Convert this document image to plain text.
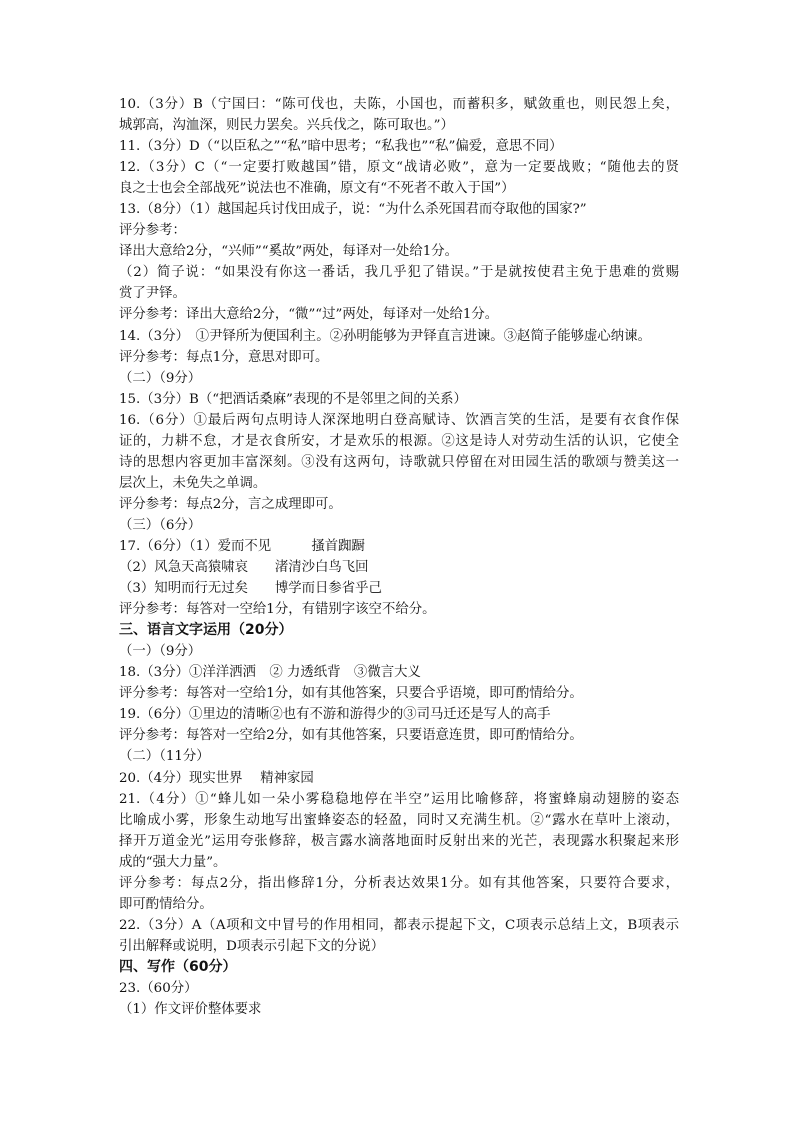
10.（3分）B（宁国曰：“陈可伐也，夫陈，小国也，而蓄积多，赋敛重也，则民怨上矣，
城郭高，沟洫深，则民力罢矣。兴兵伐之，陈可取也。”）
11.（3分）D（“以臣私之”“私”暗中思考；“私我也”“私”偏爱，意思不同）
12.（3分）C（“一定要打败越国”错，原文“战请必败”，意为一定要战败；“随他去的贤
良之士也会全部战死”说法也不准确，原文有“不死者不敢入于国”）
13.（8分）（1）越国起兵讨伐田成子，说：“为什么杀死国君而夺取他的国家?”
评分参考：
译出大意给2分，“兴师”“奚故”两处，每译对一处给1分。
（2）简子说：“如果没有你这一番话，我几乎犯了错误。”于是就按使君主免于患难的赏赐
赏了尹铎。
评分参考：译出大意给2分，“微”“过”两处，每译对一处给1分。
14.（3分）　①尹铎所为便国利主。②孙明能够为尹铎直言进谏。③赵简子能够虚心纳谏。
评分参考：每点1分，意思对即可。
（二）（9分）
15.（3分）B（“把酒话桑麻”表现的不是邻里之间的关系）
16.（6分）①最后两句点明诗人深深地明白登高赋诗、饮酒言笑的生活，是要有衣食作保
证的，力耕不怠，才是衣食所安，才是欢乐的根源。②这是诗人对劳动生活的认识，它使全
诗的思想内容更加丰富深刻。③没有这两句，诗歌就只停留在对田园生活的歌颂与赞美这一
层次上，未免失之单调。
评分参考：每点2分，言之成理即可。
（三）（6分）
17.（6分）（1）爱而不见　　　搔首踟蹰
（2）风急天高猿啸哀　　渚清沙白鸟飞回
（3）知明而行无过矣　　博学而日参省乎己
评分参考：每答对一空给1分，有错别字该空不给分。
三、语言文字运用（20分）
（一）（9分）
18.（3分）①洋洋洒洒　② 力透纸背　③微言大义
评分参考：每答对一空给1分，如有其他答案，只要合乎语境，即可酌情给分。
19.（6分）①里边的清晰②也有不游和游得少的③司马迁还是写人的高手
评分参考：每答对一空给2分，如有其他答案，只要语意连贯，即可酌情给分。
（二）（11分）
20.（4分）现实世界　 精神家园
21.（4分）①“蜂儿如一朵小雾稳稳地停在半空”运用比喻修辞，将蜜蜂扇动翅膀的姿态
比喻成小雾，形象生动地写出蜜蜂姿态的轻盈，同时又充满生机。②“露水在草叶上滚动，
择开万道金光”运用夸张修辞，极言露水滴落地面时反射出来的光芒，表现露水积聚起来形
成的“强大力量”。
评分参考：每点2分，指出修辞1分，分析表达效果1分。如有其他答案，只要符合要求，
即可酌情给分。
22.（3分）A（A项和文中冒号的作用相同，都表示提起下文，C项表示总结上文，B项表示
引出解释或说明，D项表示引起下文的分说）
四、写作（60分）
23.（60分）
（1）作文评价整体要求
